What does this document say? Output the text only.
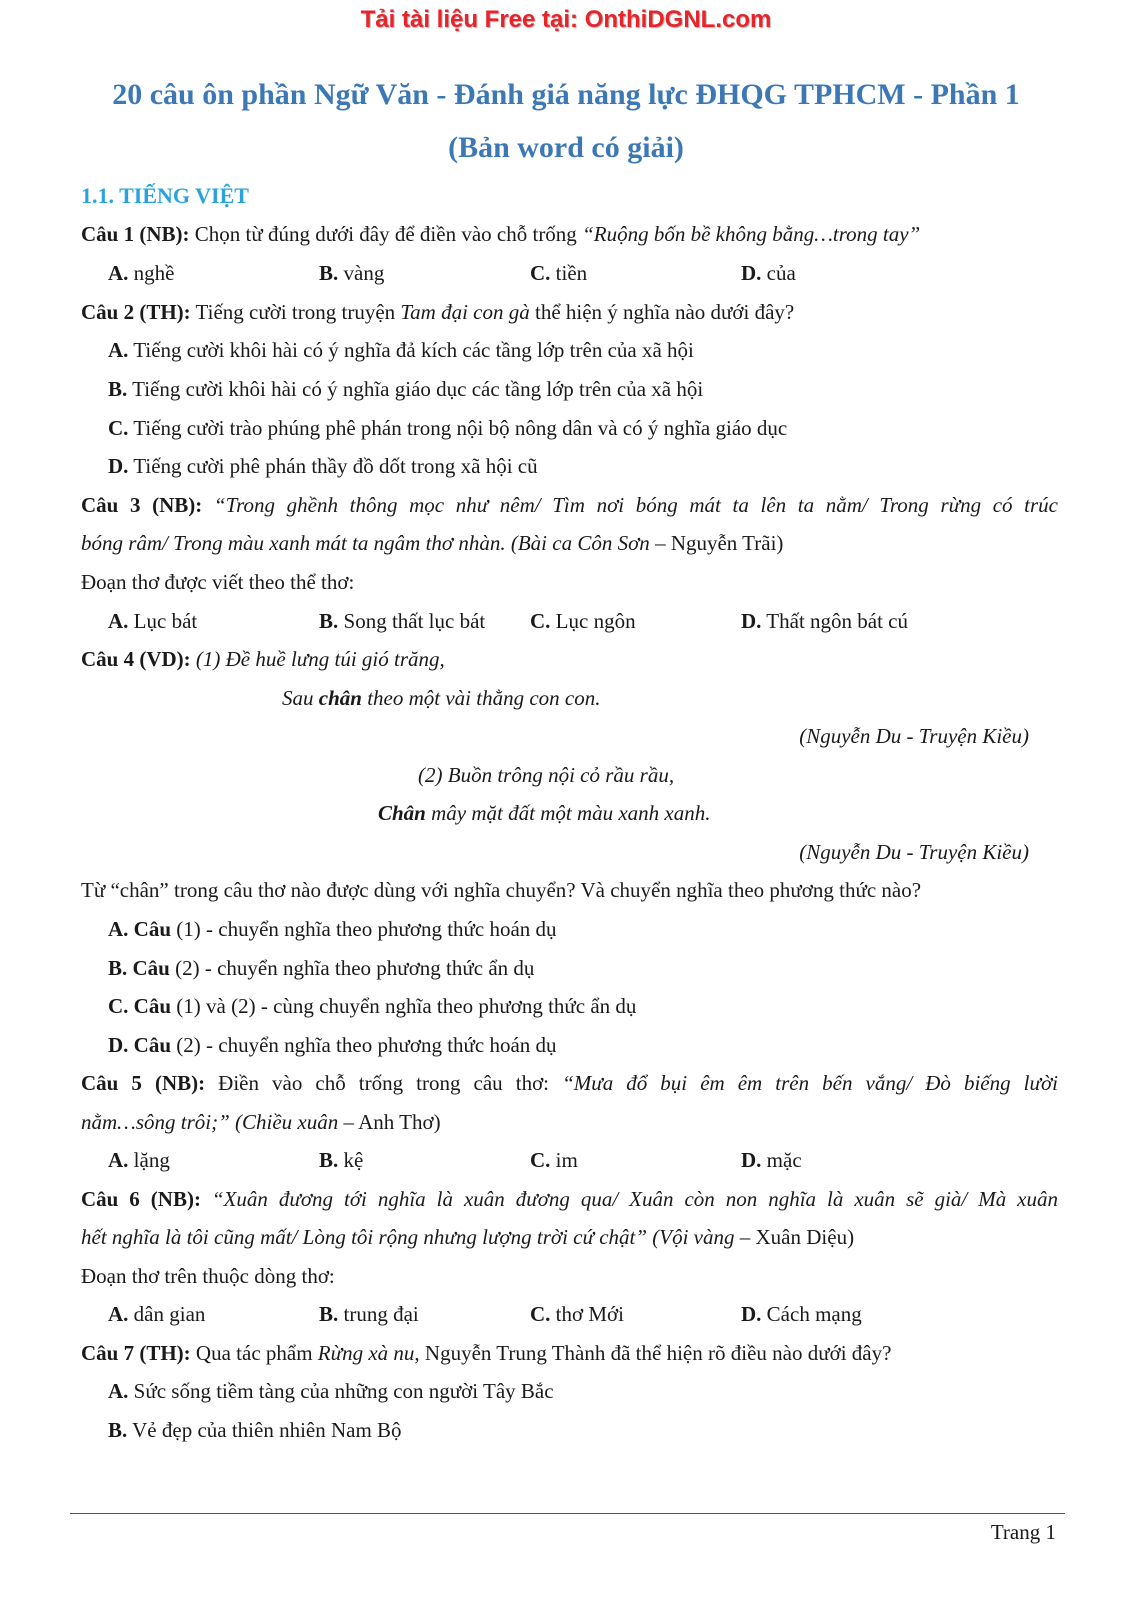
Tải tài liệu Free tại: OnthiDGNL.com
20 câu ôn phần Ngữ Văn - Đánh giá năng lực ĐHQG TPHCM - Phần 1
(Bản word có giải)
1.1. TIẾNG VIỆT
Câu 1 (NB): Chọn từ đúng dưới đây để điền vào chỗ trống “Ruộng bốn bề không bằng…trong tay”
A. nghề	B. vàng	C. tiền	D. của
Câu 2 (TH): Tiếng cười trong truyện Tam đại con gà thể hiện ý nghĩa nào dưới đây?
A. Tiếng cười khôi hài có ý nghĩa đả kích các tầng lớp trên của xã hội
B. Tiếng cười khôi hài có ý nghĩa giáo dục các tầng lớp trên của xã hội
C. Tiếng cười trào phúng phê phán trong nội bộ nông dân và có ý nghĩa giáo dục
D. Tiếng cười phê phán thầy đồ dốt trong xã hội cũ
Câu 3 (NB): “Trong ghềnh thông mọc như nêm/ Tìm nơi bóng mát ta lên ta nằm/ Trong rừng có trúc
bóng râm/ Trong màu xanh mát ta ngâm thơ nhàn. (Bài ca Côn Sơn – Nguyễn Trãi)
Đoạn thơ được viết theo thể thơ:
A. Lục bát	B. Song thất lục bát C. Lục ngôn	D. Thất ngôn bát cú
Câu 4 (VD): (1) Đề huề lưng túi gió trăng,
Sau chân theo một vài thằng con con.
(Nguyễn Du - Truyện Kiều)
(2) Buồn trông nội cỏ rầu rầu,
Chân mây mặt đất một màu xanh xanh.
(Nguyễn Du - Truyện Kiều)
Từ “chân” trong câu thơ nào được dùng với nghĩa chuyển? Và chuyển nghĩa theo phương thức nào?
A. Câu (1) - chuyển nghĩa theo phương thức hoán dụ
B. Câu (2) - chuyển nghĩa theo phương thức ẩn dụ
C. Câu (1) và (2) - cùng chuyển nghĩa theo phương thức ẩn dụ
D. Câu (2) - chuyển nghĩa theo phương thức hoán dụ
Câu 5 (NB): Điền vào chỗ trống trong câu thơ: “Mưa đổ bụi êm êm trên bến vắng/ Đò biếng lười
nằm…sông trôi;” (Chiều xuân – Anh Thơ)
A. lặng	B. kệ	C. im	D. mặc
Câu 6 (NB): “Xuân đương tới nghĩa là xuân đương qua/ Xuân còn non nghĩa là xuân sẽ già/ Mà xuân
hết nghĩa là tôi cũng mất/ Lòng tôi rộng nhưng lượng trời cứ chật” (Vội vàng – Xuân Diệu)
Đoạn thơ trên thuộc dòng thơ:
A. dân gian	B. trung đại	C. thơ Mới	D. Cách mạng
Câu 7 (TH): Qua tác phẩm Rừng xà nu, Nguyễn Trung Thành đã thể hiện rõ điều nào dưới đây?
A. Sức sống tiềm tàng của những con người Tây Bắc
B. Vẻ đẹp của thiên nhiên Nam Bộ
Trang 1
